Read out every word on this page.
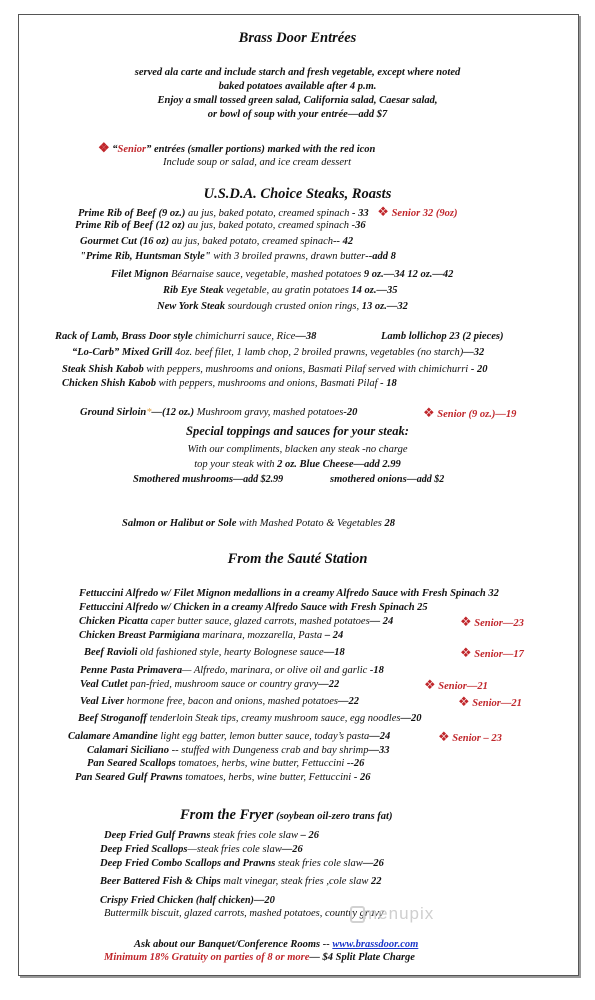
Brass Door Entrées
served ala carte and include starch and fresh vegetable, except where noted
baked potatoes available after 4 p.m.
Enjoy a small tossed green salad, California salad, Caesar salad,
or bowl of soup with your entrée—add $7
❖ “Senior” entrées (smaller portions) marked with the red icon
Include soup or salad, and ice cream dessert
U.S.D.A. Choice Steaks, Roasts
Prime Rib of Beef (9 oz.) au jus, baked potato, creamed spinach - 33 ❖ Senior 32 (9oz)
Prime Rib of Beef (12 oz) au jus, baked potato, creamed spinach -36
Gourmet Cut (16 oz) au jus, baked potato, creamed spinach-- 42
"Prime Rib, Huntsman Style" with 3 broiled prawns, drawn butter--add 8
Filet Mignon Béarnaise sauce, vegetable, mashed potatoes 9 oz.—34 12 oz.—42
Rib Eye Steak vegetable, au gratin potatoes 14 oz.—35
New York Steak sourdough crusted onion rings, 13 oz.—32
Rack of Lamb, Brass Door style chimichurri sauce, Rice—38	Lamb lollichop 23 (2 pieces)
“Lo-Carb” Mixed Grill 4oz. beef filet, 1 lamb chop, 2 broiled prawns, vegetables (no starch)—32
Steak Shish Kabob with peppers, mushrooms and onions, Basmati Pilaf served with chimichurri - 20
Chicken Shish Kabob with peppers, mushrooms and onions, Basmati Pilaf - 18
Ground Sirloin*—(12 oz.) Mushroom gravy, mashed potatoes-20	❖ Senior (9 oz.)—19
Special toppings and sauces for your steak:
With our compliments, blacken any steak -no charge
top your steak with 2 oz. Blue Cheese—add 2.99
Smothered mushrooms—add $2.99	smothered onions—add $2
Salmon or Halibut or Sole with Mashed Potato & Vegetables 28
From the Sauté Station
Fettuccini Alfredo w/ Filet Mignon medallions in a creamy Alfredo Sauce with Fresh Spinach 32
Fettuccini Alfredo w/ Chicken in a creamy Alfredo Sauce with Fresh Spinach 25
Chicken Picatta caper butter sauce, glazed carrots, mashed potatoes— 24	❖ Senior—23
Chicken Breast Parmigiana marinara, mozzarella, Pasta – 24
Beef Ravioli old fashioned style, hearty Bolognese sauce—18	❖ Senior—17
Penne Pasta Primavera— Alfredo, marinara, or olive oil and garlic -18
Veal Cutlet pan-fried, mushroom sauce or country gravy—22	❖ Senior—21
Veal Liver hormone free, bacon and onions, mashed potatoes—22	❖ Senior—21
Beef Stroganoff tenderloin Steak tips, creamy mushroom sauce, egg noodles—20
Calamare Amandine light egg batter, lemon butter sauce, today’s pasta—24	❖ Senior – 23
Calamari Siciliano -- stuffed with Dungeness crab and bay shrimp—33
Pan Seared Scallops tomatoes, herbs, wine butter, Fettuccini --26
Pan Seared Gulf Prawns tomatoes, herbs, wine butter, Fettuccini - 26
From the Fryer (soybean oil-zero trans fat)
Deep Fried Gulf Prawns steak fries cole slaw – 26
Deep Fried Scallops—steak fries cole slaw—26
Deep Fried Combo Scallops and Prawns steak fries cole slaw—26
Beer Battered Fish & Chips malt vinegar, steak fries ,cole slaw 22
Crispy Fried Chicken (half chicken)—20
Buttermilk biscuit, glazed carrots, mashed potatoes, country gravy
menupix
Ask about our Banquet/Conference Rooms -- www.brassdoor.com
Minimum 18% Gratuity on parties of 8 or more— $4 Split Plate Charge
